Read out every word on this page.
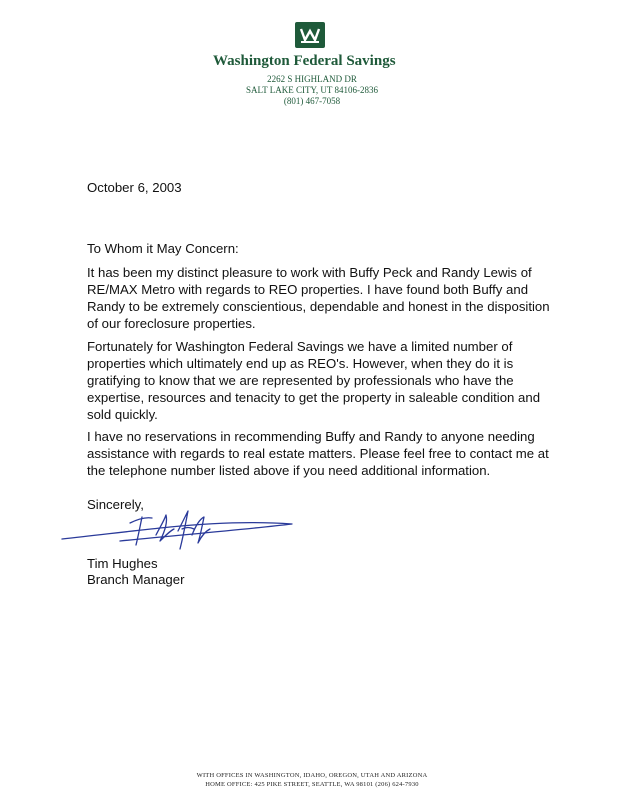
Washington Federal Savings
2262 S HIGHLAND DR
SALT LAKE CITY, UT 84106-2836
(801) 467-7058
October 6, 2003
To Whom it May Concern:
It has been my distinct pleasure to work with Buffy Peck and Randy Lewis of RE/MAX Metro with regards to REO properties. I have found both Buffy and Randy to be extremely conscientious, dependable and honest in the disposition of our foreclosure properties.
Fortunately for Washington Federal Savings we have a limited number of properties which ultimately end up as REO's. However, when they do it is gratifying to know that we are represented by professionals who have the expertise, resources and tenacity to get the property in saleable condition and sold quickly.
I have no reservations in recommending Buffy and Randy to anyone needing assistance with regards to real estate matters. Please feel free to contact me at the telephone number listed above if you need additional information.
Sincerely,
Tim Hughes
Branch Manager
WITH OFFICES IN WASHINGTON, IDAHO, OREGON, UTAH AND ARIZONA
HOME OFFICE: 425 PIKE STREET, SEATTLE, WA 98101 (206) 624-7930
